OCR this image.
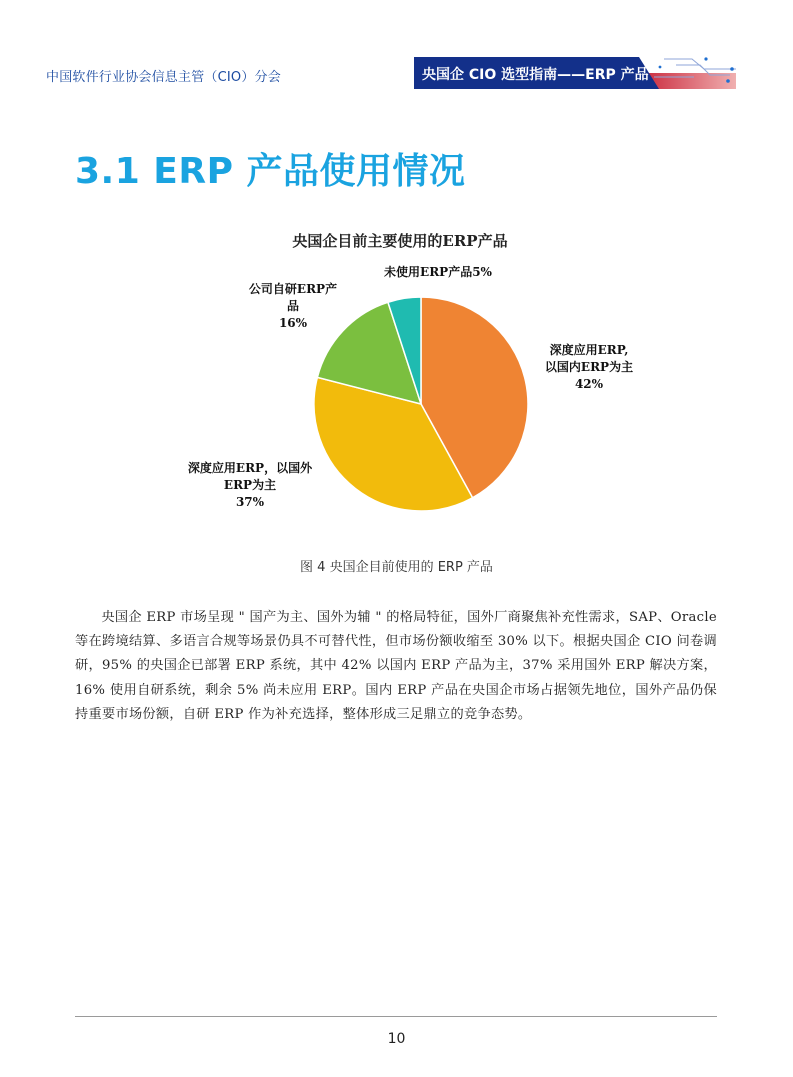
中国软件行业协会信息主管（CIO）分会	央国企 CIO 选型指南——ERP 产品
3.1 ERP 产品使用情况
央国企目前主要使用的ERP产品
深度应用ERP,
以国内ERP为主
42%
深度应用ERP，以国外
ERP为主
37%
公司自研ERP产
品
16%
未使用ERP产品5%
图 4 央国企目前使用的 ERP 产品
央国企 ERP 市场呈现 " 国产为主、国外为辅 " 的格局特征，国外厂商聚焦补充性需求，SAP、Oracle 等在跨境结算、多语言合规等场景仍具不可替代性，但市场份额收缩至 30% 以下。根据央国企 CIO 问卷调研，95% 的央国企已部署 ERP 系统，其中 42% 以国内 ERP 产品为主，37% 采用国外 ERP 解决方案，16% 使用自研系统，剩余 5% 尚未应用 ERP。国内 ERP 产品在央国企市场占据领先地位，国外产品仍保持重要市场份额，自研 ERP 作为补充选择，整体形成三足鼎立的竞争态势。
10
